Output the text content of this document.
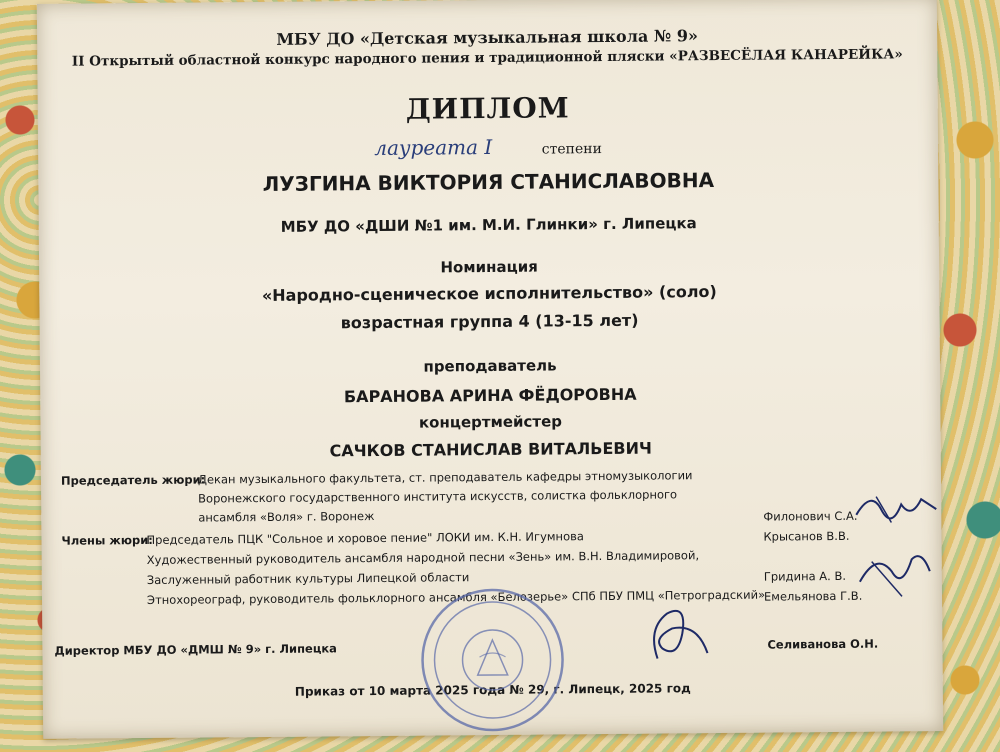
МБУ ДО «Детская музыкальная школа № 9»
II Открытый областной конкурс народного пения и традиционной пляски «РАЗВЕСЁЛАЯ КАНАРЕЙКА»
ДИПЛОМ
лауреата I	степени
ЛУЗГИНА ВИКТОРИЯ СТАНИСЛАВОВНА
МБУ ДО «ДШИ №1 им. М.И. Глинки» г. Липецка
Номинация
«Народно-сценическое исполнительство» (соло)
возрастная группа 4 (13-15 лет)
преподаватель
БАРАНОВА АРИНА ФЁДОРОВНА
концертмейстер
САЧКОВ СТАНИСЛАВ ВИТАЛЬЕВИЧ
Председатель жюри:
Декан музыкального факультета, ст. преподаватель кафедры этномузыкологии
Воронежского государственного института искусств, солистка фольклорного
ансамбля «Воля» г. Воронеж
Члены жюри:
Председатель ПЦК "Сольное и хоровое пение" ЛОКИ им. К.Н. Игумнова
Художественный руководитель ансамбля народной песни «Зень» им. В.Н. Владимировой,
Заслуженный работник культуры Липецкой области
Этнохореограф, руководитель фольклорного ансамбля «Белозерье» СПб ПБУ ПМЦ «Петроградский»
Филонович С.А.
Крысанов В.В.
Гридина А. В.
Емельянова Г.В.
Директор МБУ ДО «ДМШ № 9» г. Липецка	Селиванова О.Н.
Приказ от 10 марта 2025 года № 29, г. Липецк, 2025 год
